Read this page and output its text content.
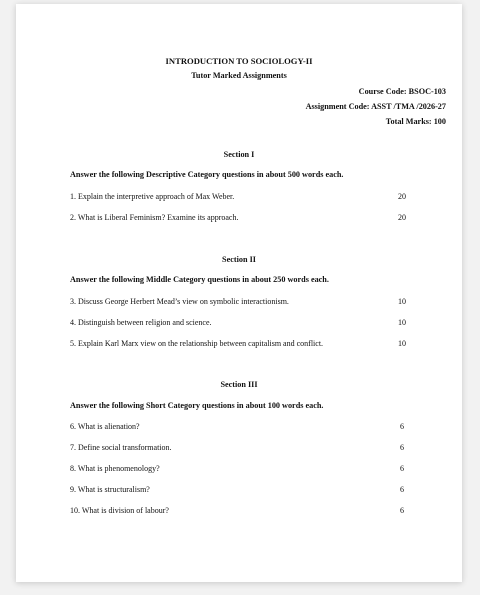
INTRODUCTION TO SOCIOLOGY-II
Tutor Marked Assignments
Course Code: BSOC-103
Assignment Code: ASST /TMA /2026-27
Total Marks: 100
Section I
Answer the following Descriptive Category questions in about 500 words each.
1. Explain the interpretive approach of Max Weber.	20
2. What is Liberal Feminism? Examine its approach.	20
Section II
Answer the following Middle Category questions in about 250 words each.
3. Discuss George Herbert Mead’s view on symbolic interactionism.	10
4. Distinguish between religion and science.	10
5. Explain Karl Marx view on the relationship between capitalism and conflict.	10
Section III
Answer the following Short Category questions in about 100 words each.
6. What is alienation?	6
7. Define social transformation.	6
8. What is phenomenology?	6
9. What is structuralism?	6
10. What is division of labour?	6
